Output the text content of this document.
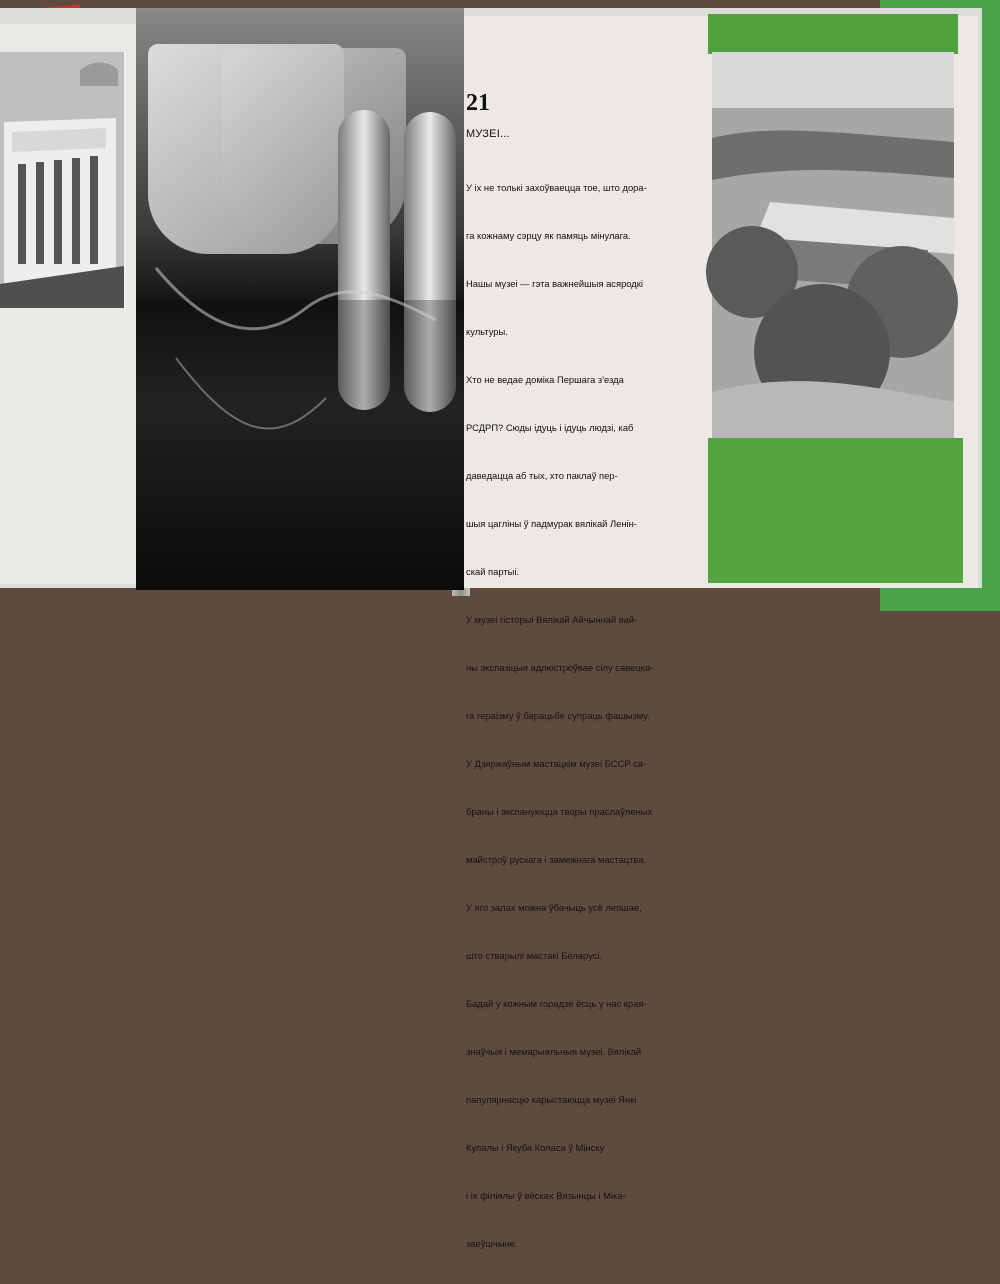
21
МУЗЕІ...

У іх не толькі захоўваецца тое, што дора-

га кожнаму сэрцу як памяць мінулага.

Нашы музеі — гэта важнейшыя асяродкі

культуры.

Хто не ведае доміка Першага з'езда

РСДРП? Сюды ідуць і ідуць людзі, каб

даведацца аб тых, хто паклаў пер-

шыя цагліны ў падмурак вялікай Ленін-

скай партыі.

У музеі гісторыі Вялікай Айчыннай вай-

ны экспазіцыя адлюстроўвае сілу савецка-

га гераізму ў барацьбе супраць фашызму.

У Дзяржаўным мастацкім музеі БССР са-

браны і экспануюцца творы праслаўленых

майстроў рускага і замежнага мастацтва.

У яго залах можна ўбачыць усё лепшае,

што стварылі мастакі Беларусі.

Бадай у кожным горадзе ёсць у нас края-

знаўчыя і мемарыяльныя музеі. Вялікай

папулярнасцю карыстаюцца музеі Янкі

Купалы і Якуба Коласа ў Мінску

і іх філіялы ў вёсках Вязынцы і Міка-

заеўшчыне.
